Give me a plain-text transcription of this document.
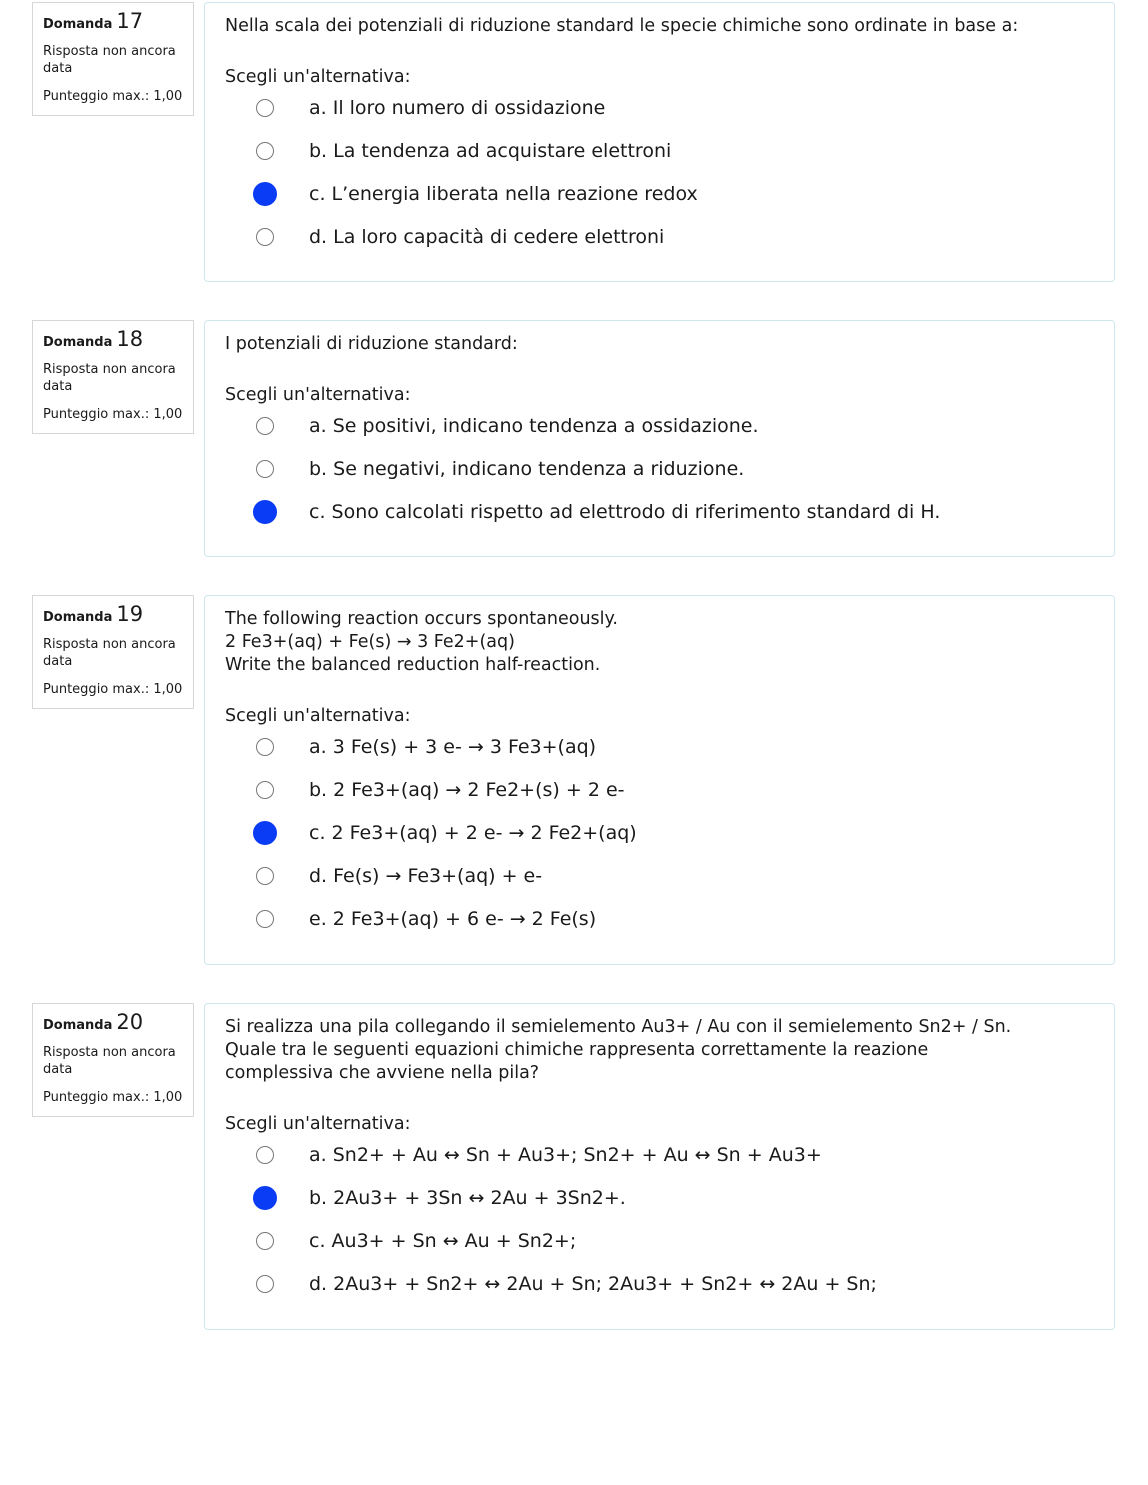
Domanda 17
Risposta non ancora data
Punteggio max.: 1,00
Nella scala dei potenziali di riduzione standard le specie chimiche sono ordinate in base a:
Scegli un'alternativa:
a. Il loro numero di ossidazione
b. La tendenza ad acquistare elettroni
c. L’energia liberata nella reazione redox
d. La loro capacità di cedere elettroni
Domanda 18
Risposta non ancora data
Punteggio max.: 1,00
I potenziali di riduzione standard:
Scegli un'alternativa:
a. Se positivi, indicano tendenza a ossidazione.
b. Se negativi, indicano tendenza a riduzione.
c. Sono calcolati rispetto ad elettrodo di riferimento standard di H.
Domanda 19
Risposta non ancora data
Punteggio max.: 1,00
The following reaction occurs spontaneously.
2 Fe3+(aq) + Fe(s) → 3 Fe2+(aq)
Write the balanced reduction half-reaction.
Scegli un'alternativa:
a. 3 Fe(s) + 3 e- → 3 Fe3+(aq)
b. 2 Fe3+(aq) → 2 Fe2+(s) + 2 e-
c. 2 Fe3+(aq) + 2 e- → 2 Fe2+(aq)
d. Fe(s) → Fe3+(aq) + e-
e. 2 Fe3+(aq) + 6 e- → 2 Fe(s)
Domanda 20
Risposta non ancora data
Punteggio max.: 1,00
Si realizza una pila collegando il semielemento Au3+ / Au con il semielemento Sn2+ / Sn.
Quale tra le seguenti equazioni chimiche rappresenta correttamente la reazione
complessiva che avviene nella pila?
Scegli un'alternativa:
a. Sn2+ + Au ↔ Sn + Au3+; Sn2+ + Au ↔ Sn + Au3+
b. 2Au3+ + 3Sn ↔ 2Au + 3Sn2+.
c. Au3+ + Sn ↔ Au + Sn2+;
d. 2Au3+ + Sn2+ ↔ 2Au + Sn; 2Au3+ + Sn2+ ↔ 2Au + Sn;
